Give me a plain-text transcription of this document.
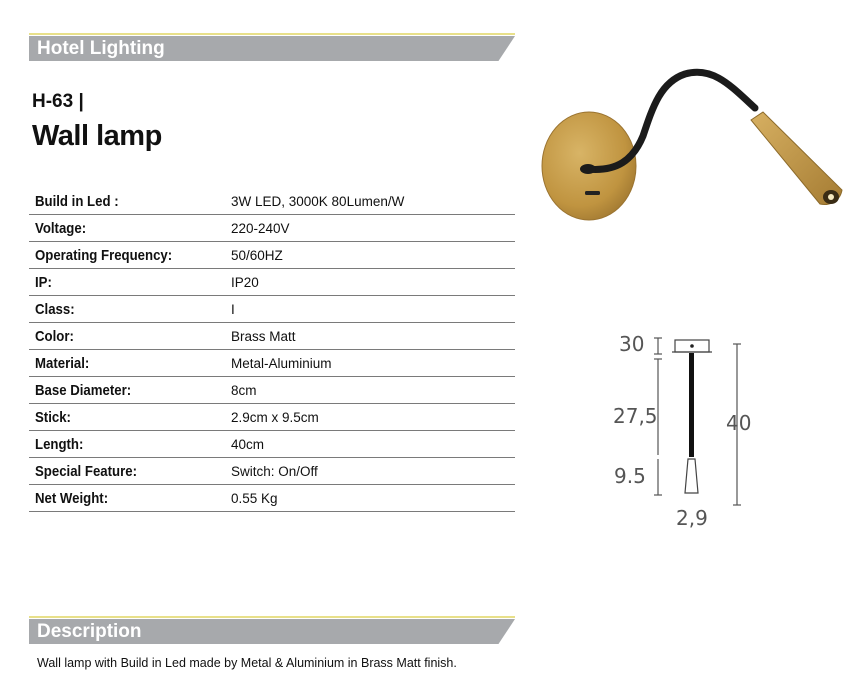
Hotel Lighting
H-63 |
Wall lamp
Build in Led :	3W LED, 3000K 80Lumen/W
Voltage:	220-240V
Operating Frequency:	50/60HZ
IP:	IP20
Class:	I
Color:	Brass Matt
Material:	Metal-Aluminium
Base Diameter:	8cm
Stick:	2.9cm x 9.5cm
Length:	40cm
Special Feature:	Switch: On/Off
Net Weight:	0.55 Kg
30
27,5
9.5
40
2,9
Description
Wall lamp with Build in Led made by Metal & Aluminium in Brass Matt finish.
